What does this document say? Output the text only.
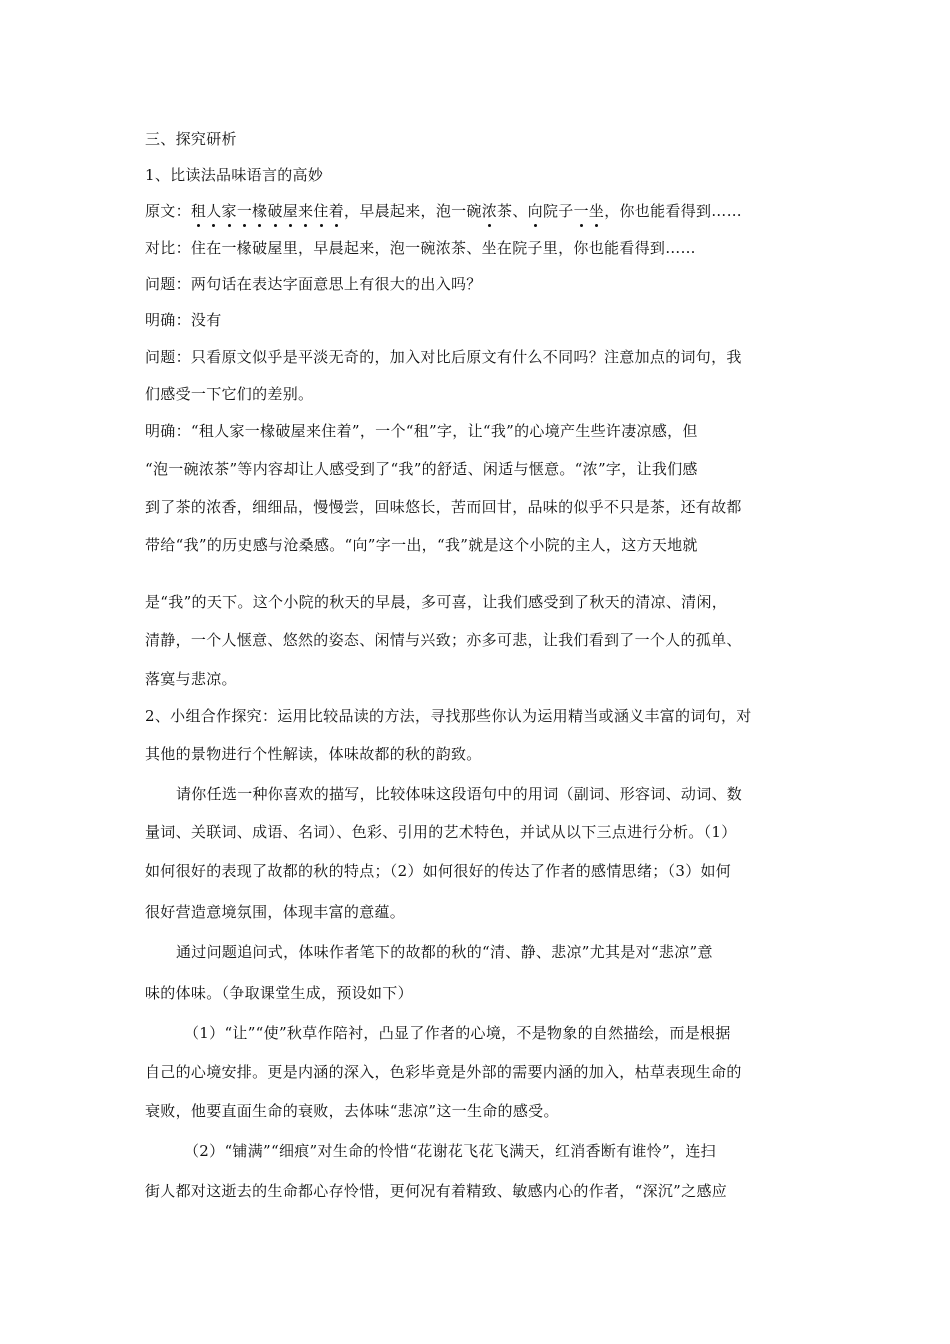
三、探究研析
1、比读法品味语言的高妙
原文：租人家一椽破屋来住着，早晨起来，泡一碗浓茶、向院子一坐，你也能看得到……
对比：住在一椽破屋里，早晨起来，泡一碗浓茶、坐在院子里，你也能看得到……
问题：两句话在表达字面意思上有很大的出入吗？
明确：没有
问题：只看原文似乎是平淡无奇的，加入对比后原文有什么不同吗？注意加点的词句，我
们感受一下它们的差别。
明确：“租人家一椽破屋来住着”，一个“租”字，让“我”的心境产生些许凄凉感，但
“泡一碗浓茶”等内容却让人感受到了“我”的舒适、闲适与惬意。“浓”字，让我们感
到了茶的浓香，细细品，慢慢尝，回味悠长，苦而回甘，品味的似乎不只是茶，还有故都
带给“我”的历史感与沧桑感。“向”字一出，“我”就是这个小院的主人，这方天地就
是“我”的天下。这个小院的秋天的早晨，多可喜，让我们感受到了秋天的清凉、清闲，
清静，一个人惬意、悠然的姿态、闲情与兴致；亦多可悲，让我们看到了一个人的孤单、
落寞与悲凉。
2、小组合作探究：运用比较品读的方法，寻找那些你认为运用精当或涵义丰富的词句，对
其他的景物进行个性解读，体味故都的秋的韵致。
请你任选一种你喜欢的描写，比较体味这段语句中的用词（副词、形容词、动词、数
量词、关联词、成语、名词）、色彩、引用的艺术特色，并试从以下三点进行分析。（1）
如何很好的表现了故都的秋的特点；（2）如何很好的传达了作者的感情思绪；（3）如何
很好营造意境氛围，体现丰富的意蕴。
通过问题追问式，体味作者笔下的故都的秋的“清、静、悲凉”尤其是对“悲凉”意
味的体味。（争取课堂生成，预设如下）
（1）“让”“使”秋草作陪衬，凸显了作者的心境，不是物象的自然描绘，而是根据
自己的心境安排。更是内涵的深入，色彩毕竟是外部的需要内涵的加入，枯草表现生命的
衰败，他要直面生命的衰败，去体味“悲凉”这一生命的感受。
（2）“铺满”“细痕”对生命的怜惜“花谢花飞花飞满天，红消香断有谁怜”，连扫
街人都对这逝去的生命都心存怜惜，更何况有着精致、敏感内心的作者，“深沉”之感应
